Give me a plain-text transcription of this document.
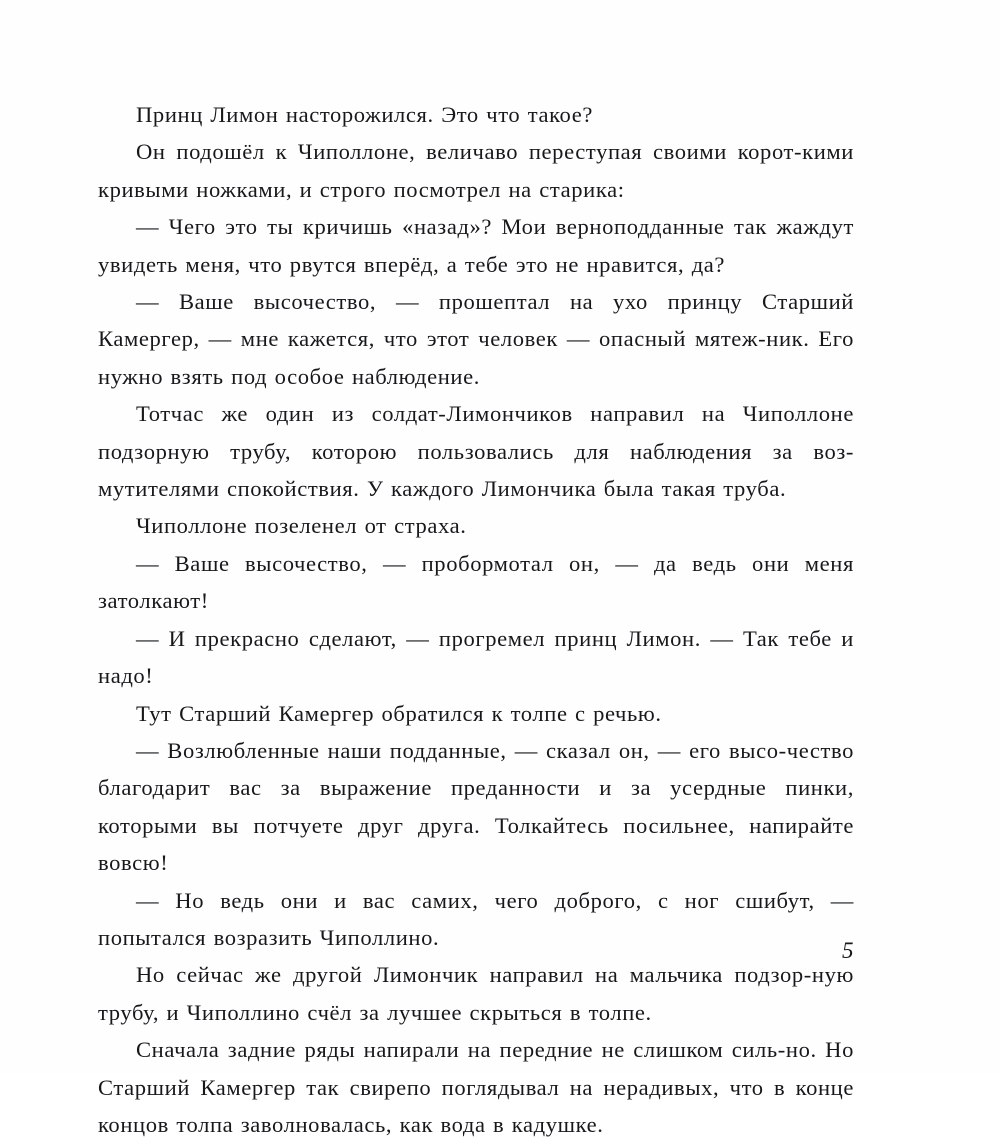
Принц Лимон насторожился. Это что такое?

Он подошёл к Чиполлоне, величаво переступая своими корот-кими кривыми ножками, и строго посмотрел на старика:

— Чего это ты кричишь «назад»? Мои верноподданные так жаждут увидеть меня, что рвутся вперёд, а тебе это не нравится, да?

— Ваше высочество, — прошептал на ухо принцу Старший Камергер, — мне кажется, что этот человек — опасный мятеж-ник. Его нужно взять под особое наблюдение.

Тотчас же один из солдат-Лимончиков направил на Чиполлоне подзорную трубу, которою пользовались для наблюдения за воз-мутителями спокойствия. У каждого Лимончика была такая труба.

Чиполлоне позеленел от страха.

— Ваше высочество, — пробормотал он, — да ведь они меня затолкают!

— И прекрасно сделают, — прогремел принц Лимон. — Так тебе и надо!

Тут Старший Камергер обратился к толпе с речью.

— Возлюбленные наши подданные, — сказал он, — его высо-чество благодарит вас за выражение преданности и за усердные пинки, которыми вы потчуете друг друга. Толкайтесь посильнее, напирайте вовсю!

— Но ведь они и вас самих, чего доброго, с ног сшибут, — попытался возразить Чиполлино.

Но сейчас же другой Лимончик направил на мальчика подзор-ную трубу, и Чиполлино счёл за лучшее скрыться в толпе.

Сначала задние ряды напирали на передние не слишком силь-но. Но Старший Камергер так свирепо поглядывал на нерадивых, что в конце концов толпа заволновалась, как вода в кадушке.

5
